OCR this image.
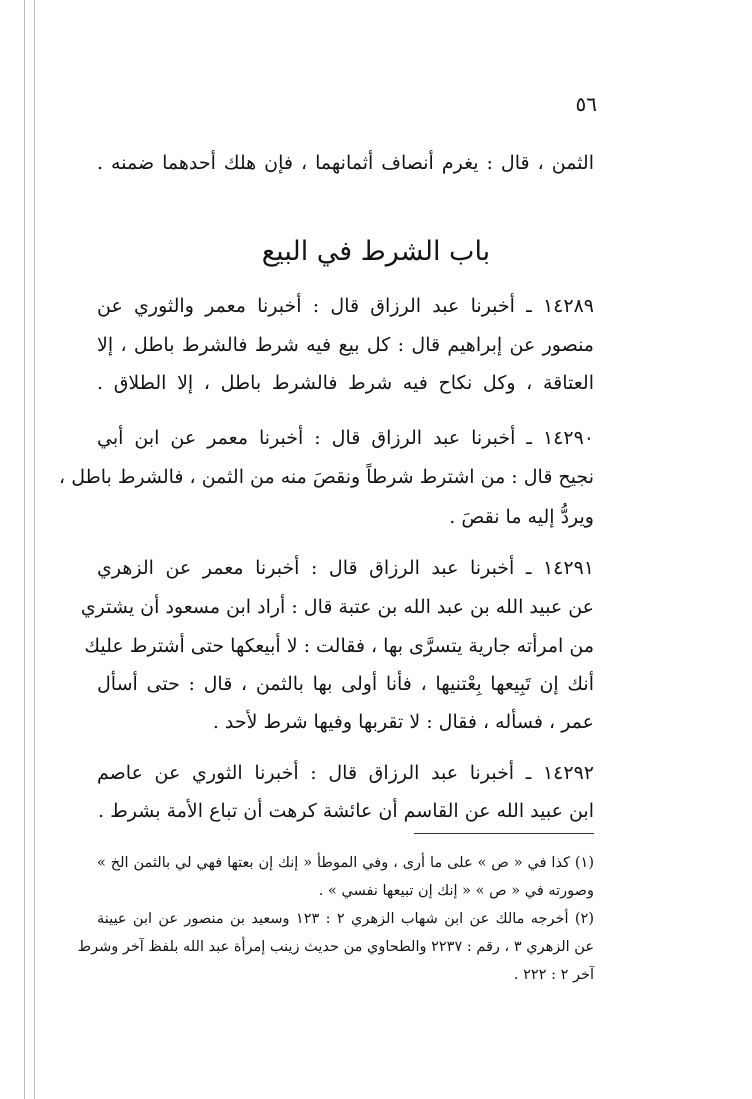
٥٦
الثمن ، قال : يغرم أنصاف أثمانهما ، فإن هلك أحدهما ضمنه .
باب الشرط في البيع
١٤٢٨٩ ـ أخبرنا عبد الرزاق قال : أخبرنا معمر والثوري عن
منصور عن إبراهيم قال : كل بيع فيه شرط فالشرط باطل ، إلا
العتاقة ، وكل نكاح فيه شرط فالشرط باطل ، إلا الطلاق .
١٤٢٩٠ ـ أخبرنا عبد الرزاق قال : أخبرنا معمر عن ابن أبي
نجيح قال : من اشترط شرطاً ونقصَ منه من الثمن ، فالشرط باطل ،
ويردُّ إليه ما نقصَ .
١٤٢٩١ ـ أخبرنا عبد الرزاق قال : أخبرنا معمر عن الزهري
عن عبيد الله بن عبد الله بن عتبة قال : أراد ابن مسعود أن يشتري
من امرأته جارية يتسرَّى بها ، فقالت : لا أبيعكها حتى أشترط عليك
أنك إن تَبِيعها بِعْتنيها ، فأنا أولى بها بالثمن ، قال : حتى أسأل
عمر ، فسأله ، فقال : لا تقربها وفيها شرط لأحد .
١٤٢٩٢ ـ أخبرنا عبد الرزاق قال : أخبرنا الثوري عن عاصم
ابن عبيد الله عن القاسم أن عائشة كرهت أن تباع الأمة بشرط .
(١) كذا في « ص » على ما أرى ، وفي الموطأ « إنك إن بعتها فهي لي بالثمن الخ »
وصورته في « ص » « إنك إن تبيعها نفسي » .
(٢) أخرجه مالك عن ابن شهاب الزهري ٢ : ١٢٣ وسعيد بن منصور عن ابن عيينة
عن الزهري ٣ ، رقم : ٢٢٣٧ والطحاوي من حديث زينب إمرأة عبد الله بلفظ آخر وشرط
آخر ٢ : ٢٢٢ .
